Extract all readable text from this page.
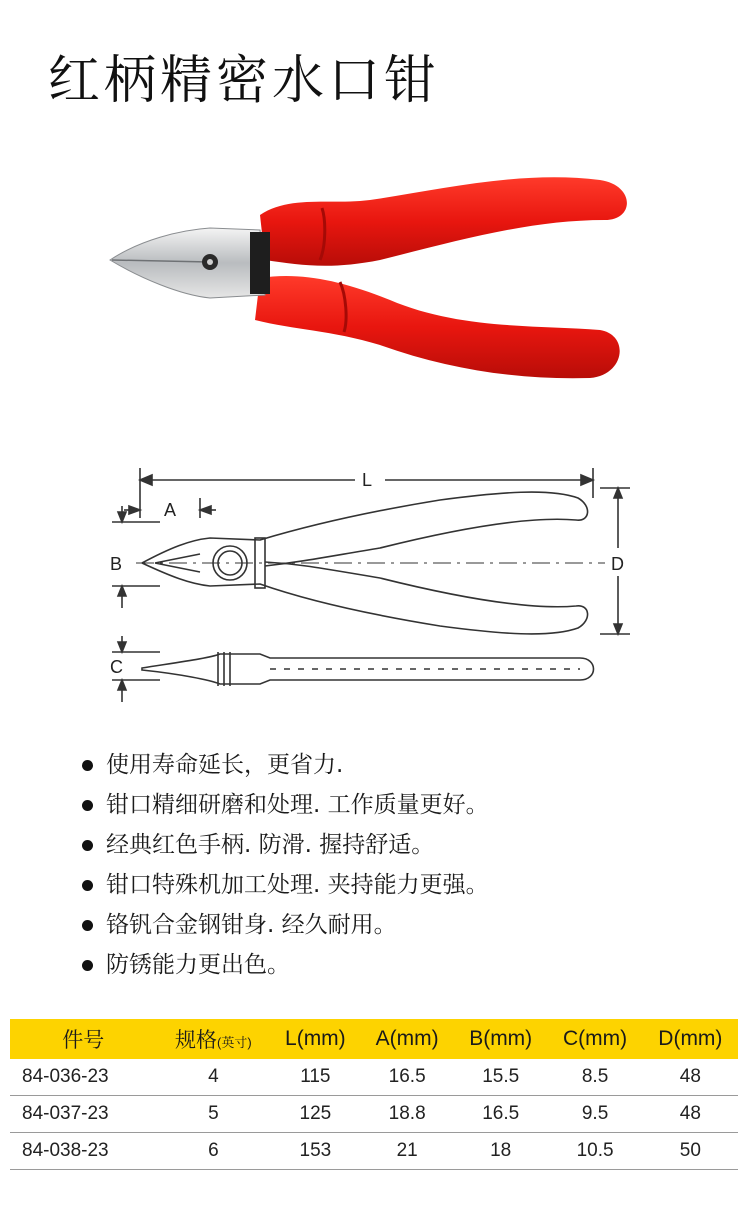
红柄精密水口钳
L
A
B	D
C
使用寿命延长，更省力.
钳口精细研磨和处理. 工作质量更好。
经典红色手柄. 防滑. 握持舒适。
钳口特殊机加工处理. 夹持能力更强。
铬钒合金钢钳身. 经久耐用。
防锈能力更出色。
件号	规格(英寸)	L(mm)	A(mm)	B(mm)	C(mm)	D(mm)
84-036-23	4	115	16.5	15.5	8.5	48
84-037-23	5	125	18.8	16.5	9.5	48
84-038-23	6	153	21	18	10.5	50
